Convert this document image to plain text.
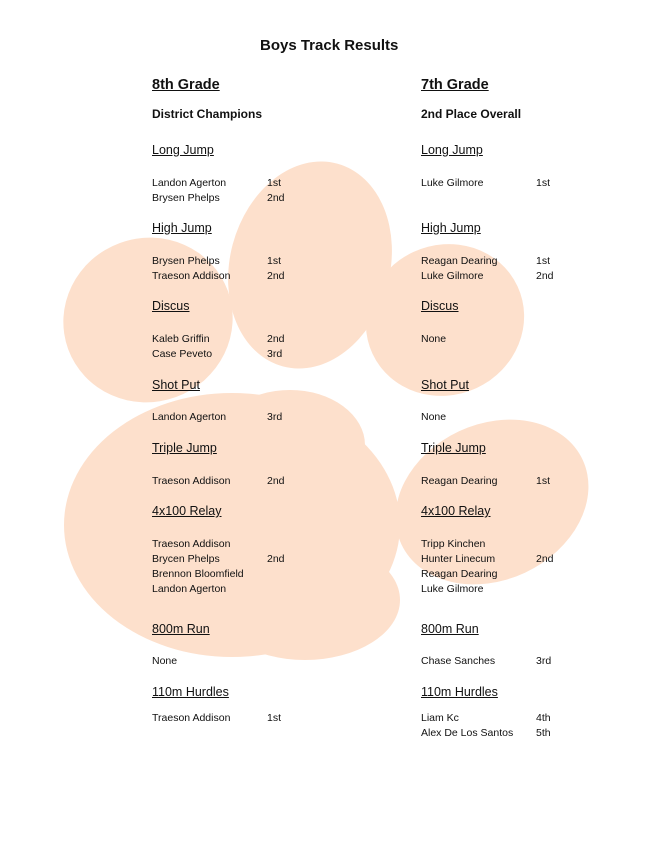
Boys Track Results
8th Grade
District Champions
Long Jump
Landon Agerton	1st
Brysen Phelps	2nd
High Jump
Brysen Phelps	1st
Traeson Addison	2nd
Discus
Kaleb Griffin	2nd
Case Peveto	3rd
Shot Put
Landon Agerton	3rd
Triple Jump
Traeson Addison	2nd
4x100 Relay
Traeson Addison
Brycen Phelps	2nd
Brennon Bloomfield
Landon Agerton
800m Run
None
110m Hurdles
Traeson Addison	1st
7th Grade
2nd Place Overall
Long Jump
Luke Gilmore	1st
High Jump
Reagan Dearing	1st
Luke Gilmore	2nd
Discus
None
Shot Put
None
Triple Jump
Reagan Dearing	1st
4x100 Relay
Tripp Kinchen
Hunter Linecum	2nd
Reagan Dearing
Luke Gilmore
800m Run
Chase Sanches	3rd
110m Hurdles
Liam Kc	4th
Alex De Los Santos 5th
